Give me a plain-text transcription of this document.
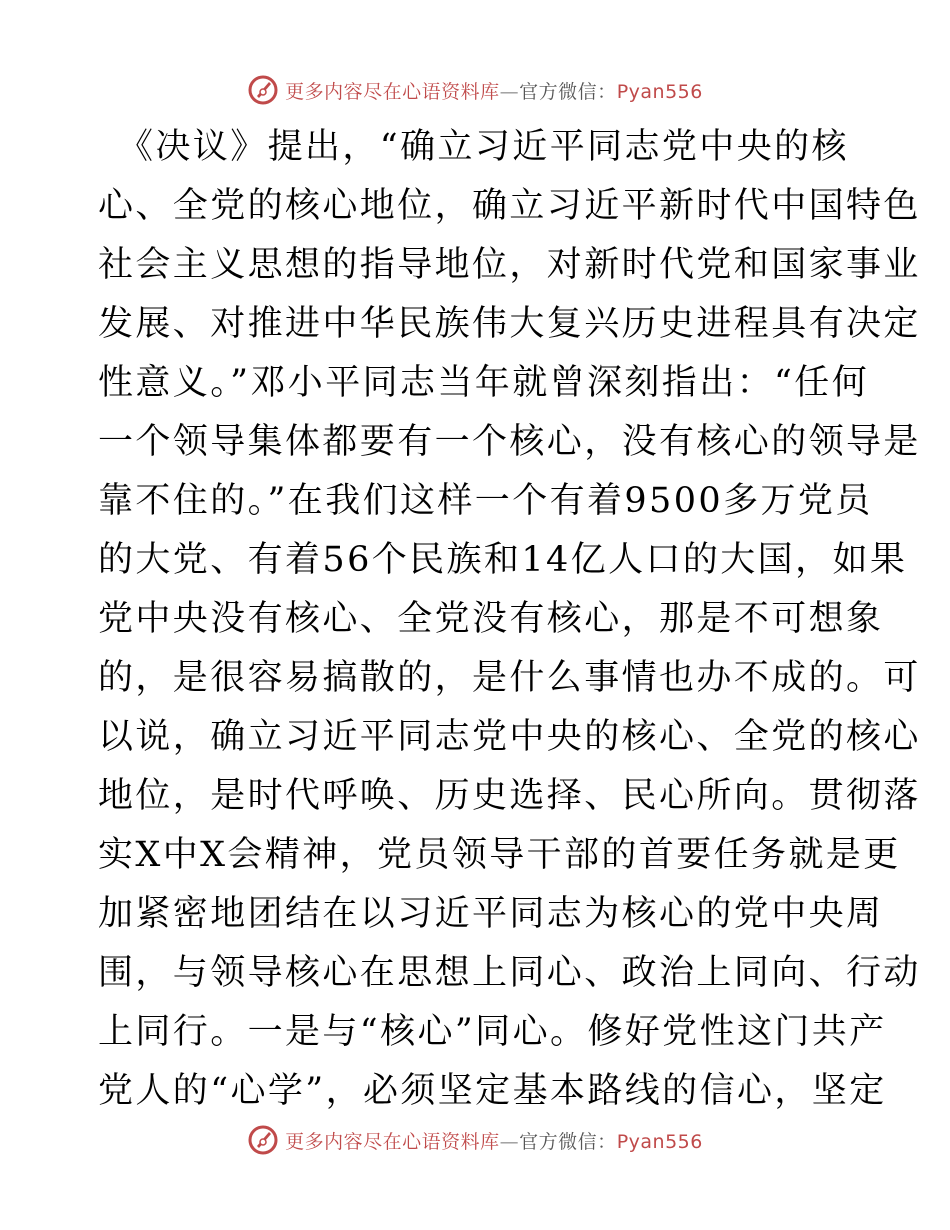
更多内容尽在心语资料库—官方微信：Pyan556
《决议》提出，“确立习近平同志党中央的核
心、全党的核心地位，确立习近平新时代中国特色
社会主义思想的指导地位，对新时代党和国家事业
发展、对推进中华民族伟大复兴历史进程具有决定
性意义。”邓小平同志当年就曾深刻指出：“任何
一个领导集体都要有一个核心，没有核心的领导是
靠不住的。”在我们这样一个有着9500多万党员
的大党、有着56个民族和14亿人口的大国，如果
党中央没有核心、全党没有核心，那是不可想象
的，是很容易搞散的，是什么事情也办不成的。可
以说，确立习近平同志党中央的核心、全党的核心
地位，是时代呼唤、历史选择、民心所向。贯彻落
实X中X会精神，党员领导干部的首要任务就是更
加紧密地团结在以习近平同志为核心的党中央周
围，与领导核心在思想上同心、政治上同向、行动
上同行。一是与“核心”同心。修好党性这门共产
党人的“心学”，必须坚定基本路线的信心，坚定
更多内容尽在心语资料库—官方微信：Pyan556
